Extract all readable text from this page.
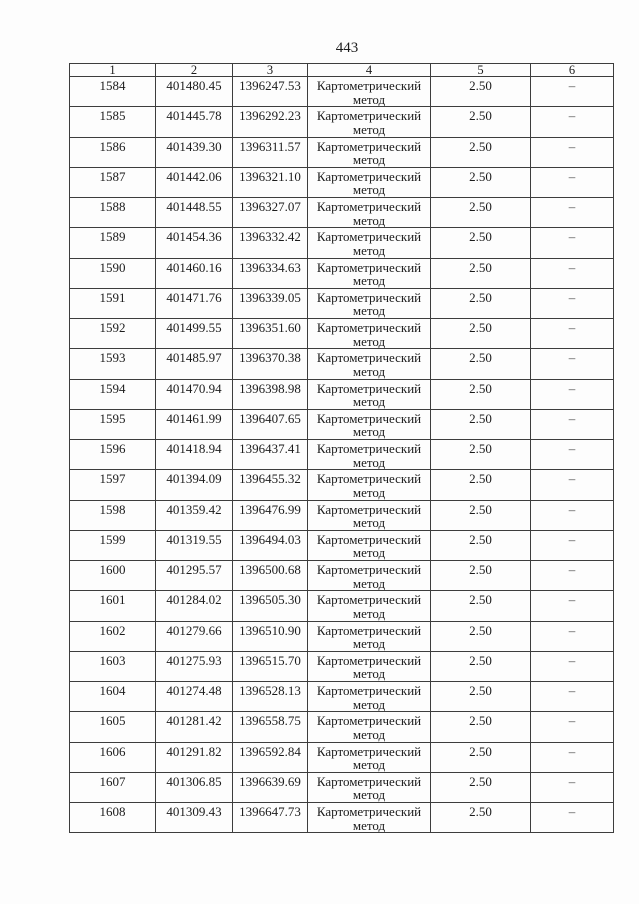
443
1	2	3	4	5	6
1584	401480.45	1396247.53	Картометрический метод	2.50	–
1585	401445.78	1396292.23	Картометрический метод	2.50	–
1586	401439.30	1396311.57	Картометрический метод	2.50	–
1587	401442.06	1396321.10	Картометрический метод	2.50	–
1588	401448.55	1396327.07	Картометрический метод	2.50	–
1589	401454.36	1396332.42	Картометрический метод	2.50	–
1590	401460.16	1396334.63	Картометрический метод	2.50	–
1591	401471.76	1396339.05	Картометрический метод	2.50	–
1592	401499.55	1396351.60	Картометрический метод	2.50	–
1593	401485.97	1396370.38	Картометрический метод	2.50	–
1594	401470.94	1396398.98	Картометрический метод	2.50	–
1595	401461.99	1396407.65	Картометрический метод	2.50	–
1596	401418.94	1396437.41	Картометрический метод	2.50	–
1597	401394.09	1396455.32	Картометрический метод	2.50	–
1598	401359.42	1396476.99	Картометрический метод	2.50	–
1599	401319.55	1396494.03	Картометрический метод	2.50	–
1600	401295.57	1396500.68	Картометрический метод	2.50	–
1601	401284.02	1396505.30	Картометрический метод	2.50	–
1602	401279.66	1396510.90	Картометрический метод	2.50	–
1603	401275.93	1396515.70	Картометрический метод	2.50	–
1604	401274.48	1396528.13	Картометрический метод	2.50	–
1605	401281.42	1396558.75	Картометрический метод	2.50	–
1606	401291.82	1396592.84	Картометрический метод	2.50	–
1607	401306.85	1396639.69	Картометрический метод	2.50	–
1608	401309.43	1396647.73	Картометрический метод	2.50	–
